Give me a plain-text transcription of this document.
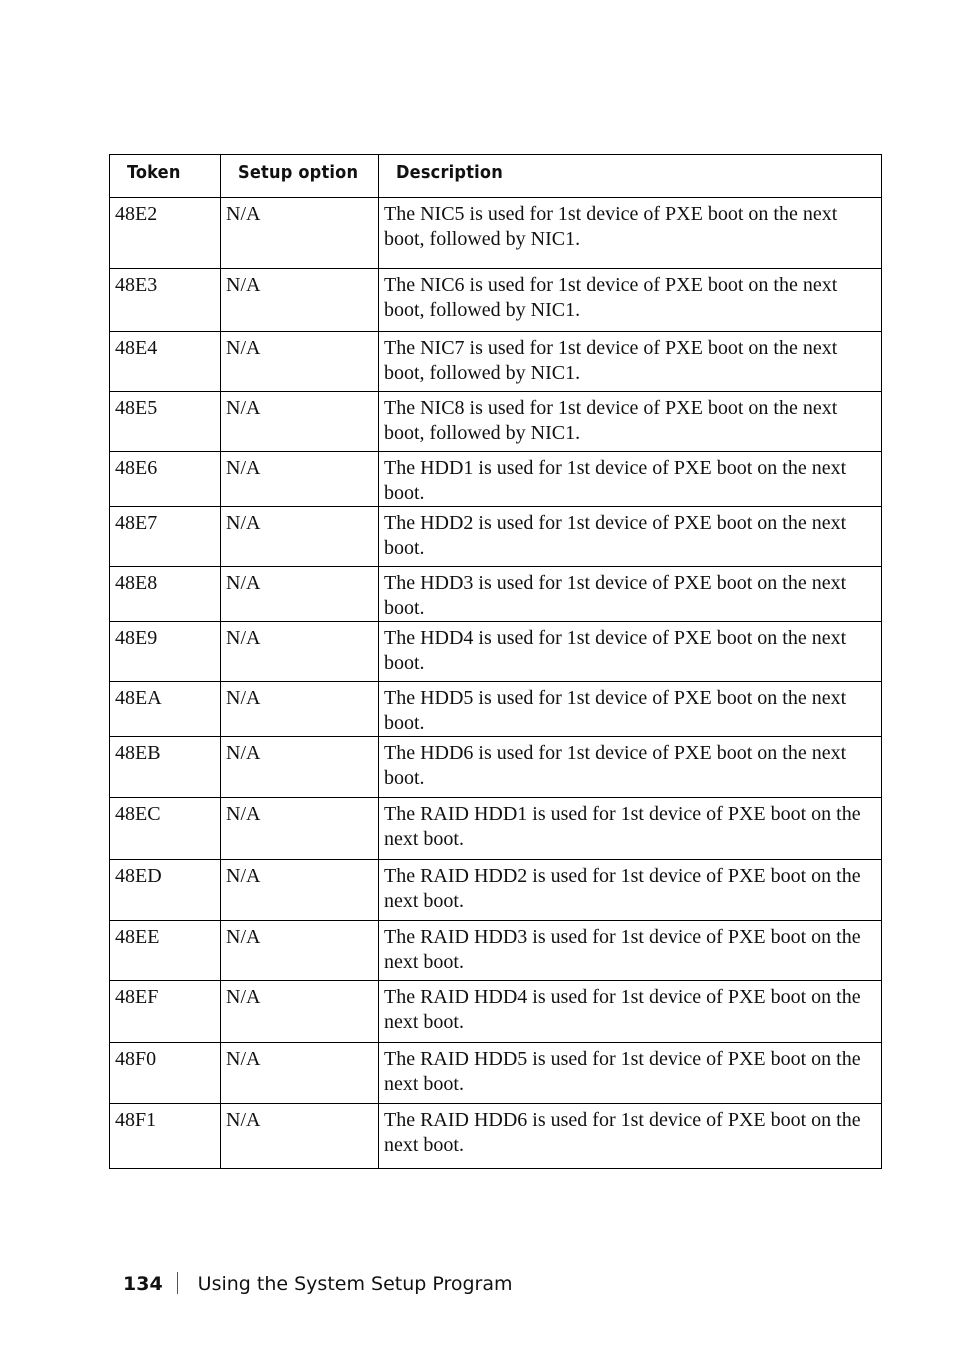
Token	Setup option	Description
48E2	N/A	The NIC5 is used for 1st device of PXE boot on the next boot, followed by NIC1.
48E3	N/A	The NIC6 is used for 1st device of PXE boot on the next boot, followed by NIC1.
48E4	N/A	The NIC7 is used for 1st device of PXE boot on the next boot, followed by NIC1.
48E5	N/A	The NIC8 is used for 1st device of PXE boot on the next boot, followed by NIC1.
48E6	N/A	The HDD1 is used for 1st device of PXE boot on the next boot.
48E7	N/A	The HDD2 is used for 1st device of PXE boot on the next boot.
48E8	N/A	The HDD3 is used for 1st device of PXE boot on the next boot.
48E9	N/A	The HDD4 is used for 1st device of PXE boot on the next boot.
48EA	N/A	The HDD5 is used for 1st device of PXE boot on the next boot.
48EB	N/A	The HDD6 is used for 1st device of PXE boot on the next boot.
48EC	N/A	The RAID HDD1 is used for 1st device of PXE boot on the next boot.
48ED	N/A	The RAID HDD2 is used for 1st device of PXE boot on the next boot.
48EE	N/A	The RAID HDD3 is used for 1st device of PXE boot on the next boot.
48EF	N/A	The RAID HDD4 is used for 1st device of PXE boot on the next boot.
48F0	N/A	The RAID HDD5 is used for 1st device of PXE boot on the next boot.
48F1	N/A	The RAID HDD6 is used for 1st device of PXE boot on the next boot.
134 Using the System Setup Program
